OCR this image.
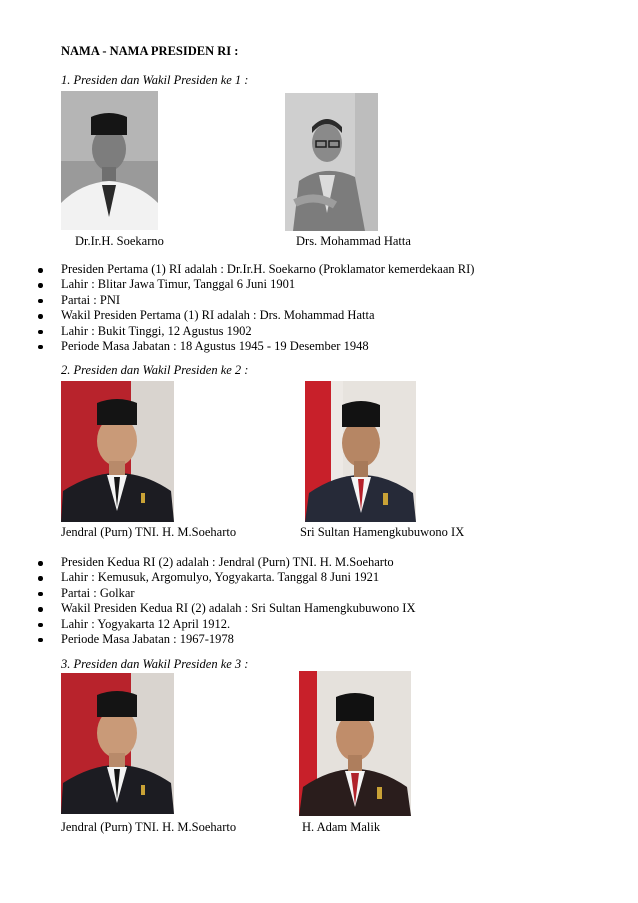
NAMA - NAMA PRESIDEN RI :
1. Presiden dan Wakil Presiden ke 1 :
Dr.Ir.H. Soekarno	Drs. Mohammad Hatta
Presiden Pertama (1) RI adalah : Dr.Ir.H. Soekarno (Proklamator kemerdekaan RI)
Lahir : Blitar Jawa Timur, Tanggal 6 Juni 1901
Partai : PNI
Wakil Presiden Pertama (1) RI adalah : Drs. Mohammad Hatta
Lahir : Bukit Tinggi, 12 Agustus 1902
Periode Masa Jabatan : 18 Agustus 1945 - 19 Desember 1948
2. Presiden dan Wakil Presiden ke 2 :
Jendral (Purn) TNI. H. M.Soeharto	Sri Sultan Hamengkubuwono IX
Presiden Kedua RI (2) adalah : Jendral (Purn) TNI. H. M.Soeharto
Lahir : Kemusuk, Argomulyo, Yogyakarta. Tanggal 8 Juni 1921
Partai : Golkar
Wakil Presiden Kedua RI (2) adalah : Sri Sultan Hamengkubuwono IX
Lahir : Yogyakarta 12 April 1912.
Periode Masa Jabatan : 1967-1978
3. Presiden dan Wakil Presiden ke 3 :
Jendral (Purn) TNI. H. M.Soeharto	H. Adam Malik
